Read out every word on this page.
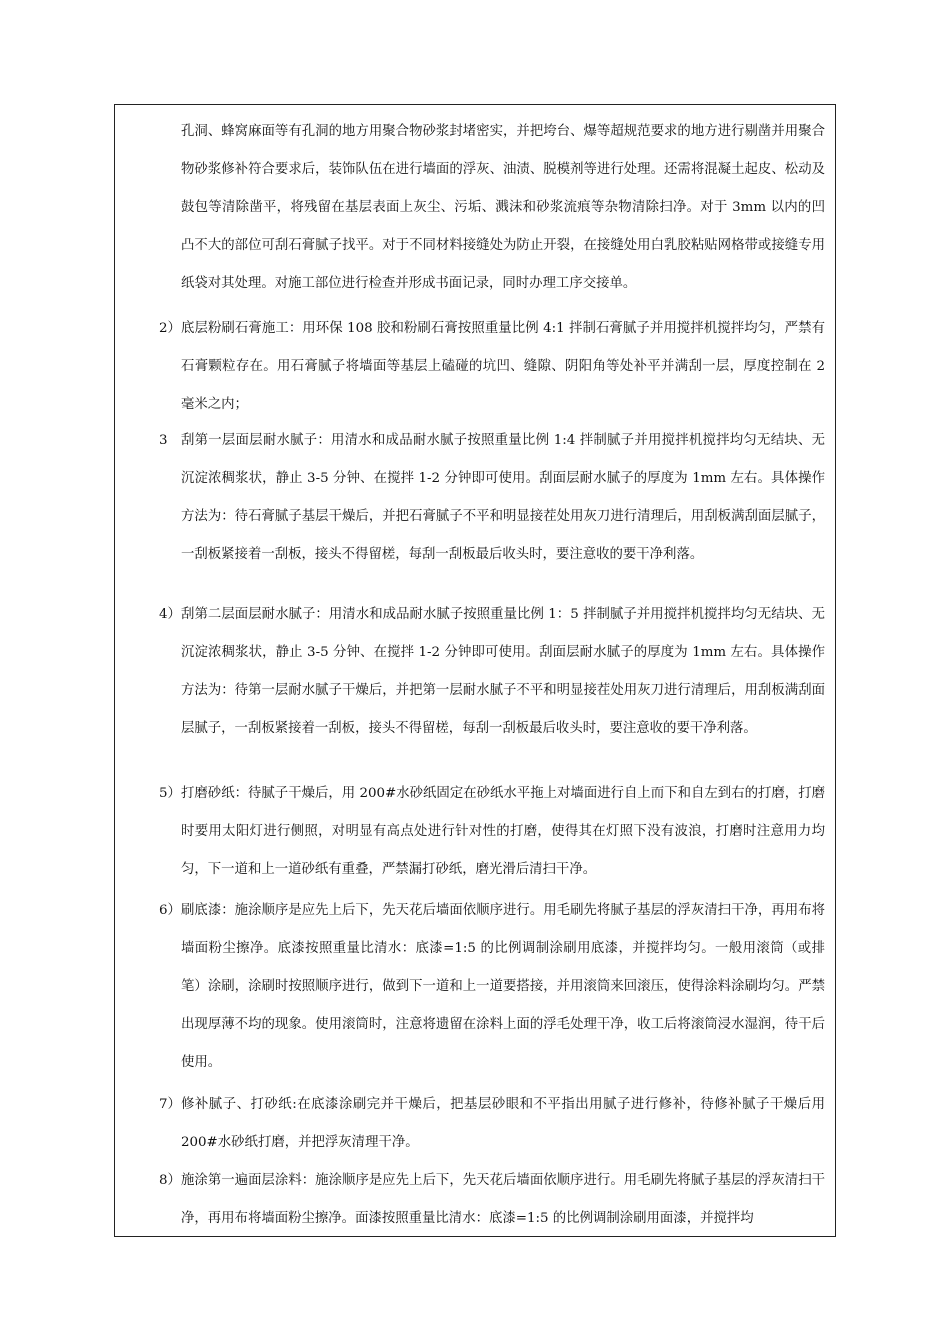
孔洞、蜂窝麻面等有孔洞的地方用聚合物砂浆封堵密实，并把垮台、爆等超规范要求的地方进行剔凿并用聚合物砂浆修补符合要求后，装饰队伍在进行墙面的浮灰、油渍、脱模剂等进行处理。还需将混凝土起皮、松动及鼓包等清除凿平，将残留在基层表面上灰尘、污垢、溅沫和砂浆流痕等杂物清除扫净。对于 3mm 以内的凹凸不大的部位可刮石膏腻子找平。对于不同材料接缝处为防止开裂，在接缝处用白乳胶粘贴网格带或接缝专用纸袋对其处理。对施工部位进行检查并形成书面记录，同时办理工序交接单。

2） 底层粉刷石膏施工：用环保 108 胶和粉刷石膏按照重量比例 4:1 拌制石膏腻子并用搅拌机搅拌均匀，严禁有石膏颗粒存在。用石膏腻子将墙面等基层上磕碰的坑凹、缝隙、阴阳角等处补平并满刮一层，厚度控制在 2 毫米之内；

3 刮第一层面层耐水腻子：用清水和成品耐水腻子按照重量比例 1:4 拌制腻子并用搅拌机搅拌均匀无结块、无沉淀浓稠浆状，静止 3-5 分钟、在搅拌 1-2 分钟即可使用。刮面层耐水腻子的厚度为 1mm 左右。具体操作方法为：待石膏腻子基层干燥后，并把石膏腻子不平和明显接茬处用灰刀进行清理后，用刮板满刮面层腻子，一刮板紧接着一刮板，接头不得留槎，每刮一刮板最后收头时，要注意收的要干净利落。

4） 刮第二层面层耐水腻子：用清水和成品耐水腻子按照重量比例 1：5 拌制腻子并用搅拌机搅拌均匀无结块、无沉淀浓稠浆状，静止 3-5 分钟、在搅拌 1-2 分钟即可使用。刮面层耐水腻子的厚度为 1mm 左右。具体操作方法为：待第一层耐水腻子干燥后，并把第一层耐水腻子不平和明显接茬处用灰刀进行清理后，用刮板满刮面层腻子，一刮板紧接着一刮板，接头不得留槎，每刮一刮板最后收头时，要注意收的要干净利落。

5） 打磨砂纸：待腻子干燥后，用 200#水砂纸固定在砂纸水平拖上对墙面进行自上而下和自左到右的打磨，打磨时要用太阳灯进行侧照，对明显有高点处进行针对性的打磨，使得其在灯照下没有波浪，打磨时注意用力均匀，下一道和上一道砂纸有重叠，严禁漏打砂纸，磨光滑后清扫干净。

6） 刷底漆：施涂顺序是应先上后下，先天花后墙面依顺序进行。用毛刷先将腻子基层的浮灰清扫干净，再用布将墙面粉尘擦净。底漆按照重量比清水：底漆=1:5 的比例调制涂刷用底漆，并搅拌均匀。一般用滚筒（或排笔）涂刷，涂刷时按照顺序进行，做到下一道和上一道要搭接，并用滚筒来回滚压，使得涂料涂刷均匀。严禁出现厚薄不均的现象。使用滚筒时，注意将遗留在涂料上面的浮毛处理干净，收工后将滚筒浸水湿润，待干后使用。

7） 修补腻子、打砂纸:在底漆涂刷完并干燥后，把基层砂眼和不平指出用腻子进行修补，待修补腻子干燥后用 200#水砂纸打磨，并把浮灰清理干净。

8） 施涂第一遍面层涂料：施涂顺序是应先上后下，先天花后墙面依顺序进行。用毛刷先将腻子基层的浮灰清扫干净，再用布将墙面粉尘擦净。面漆按照重量比清水：底漆=1:5 的比例调制涂刷用面漆，并搅拌均
